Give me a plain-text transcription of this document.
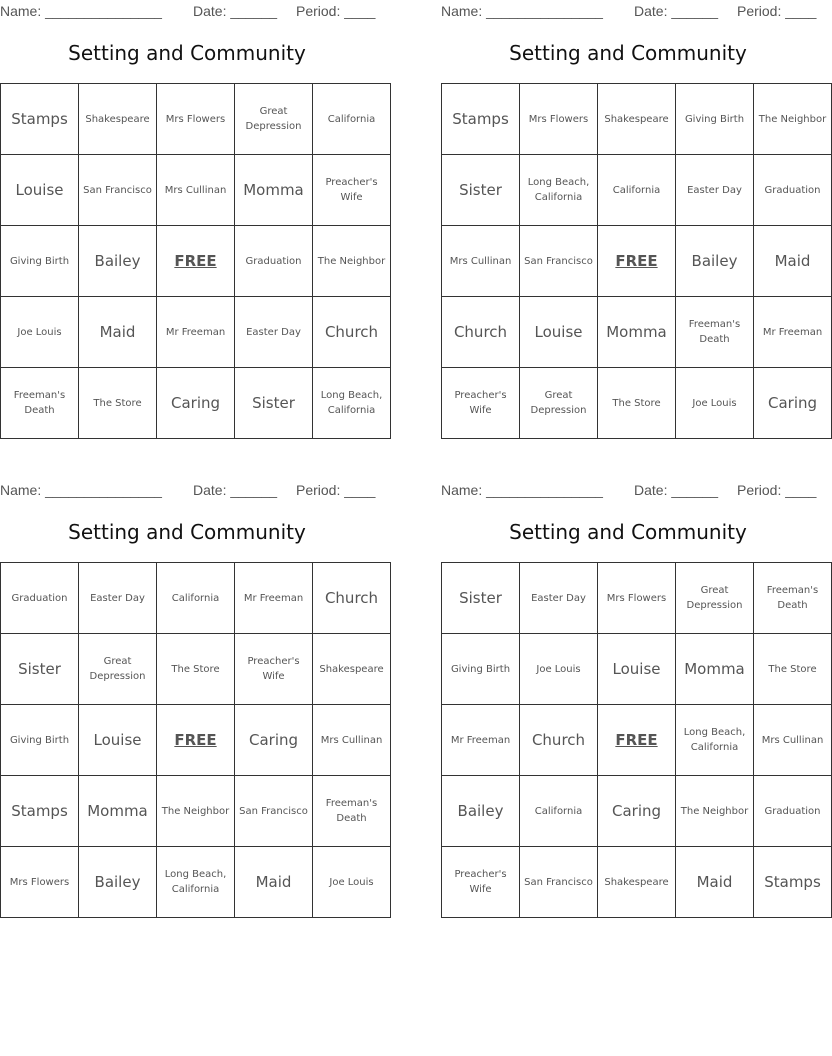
Name: _______________ Date: ______ Period: ____
Setting and Community
Stamps	Shakespeare	Mrs Flowers	Great Depression	California
Louise	San Francisco	Mrs Cullinan	Momma	Preacher's Wife
Giving Birth	Bailey	FREE	Graduation	The Neighbor
Joe Louis	Maid	Mr Freeman	Easter Day	Church
Freeman's Death	The Store	Caring	Sister	Long Beach, California
Name: _______________ Date: ______ Period: ____
Setting and Community
Stamps	Mrs Flowers	Shakespeare	Giving Birth	The Neighbor
Sister	Long Beach, California	California	Easter Day	Graduation
Mrs Cullinan	San Francisco	FREE	Bailey	Maid
Church	Louise	Momma	Freeman's Death	Mr Freeman
Preacher's Wife	Great Depression	The Store	Joe Louis	Caring
Name: _______________ Date: ______ Period: ____
Setting and Community
Graduation	Easter Day	California	Mr Freeman	Church
Sister	Great Depression	The Store	Preacher's Wife	Shakespeare
Giving Birth	Louise	FREE	Caring	Mrs Cullinan
Stamps	Momma	The Neighbor	San Francisco	Freeman's Death
Mrs Flowers	Bailey	Long Beach, California	Maid	Joe Louis
Name: _______________ Date: ______ Period: ____
Setting and Community
Sister	Easter Day	Mrs Flowers	Great Depression	Freeman's Death
Giving Birth	Joe Louis	Louise	Momma	The Store
Mr Freeman	Church	FREE	Long Beach, California	Mrs Cullinan
Bailey	California	Caring	The Neighbor	Graduation
Preacher's Wife	San Francisco	Shakespeare	Maid	Stamps
